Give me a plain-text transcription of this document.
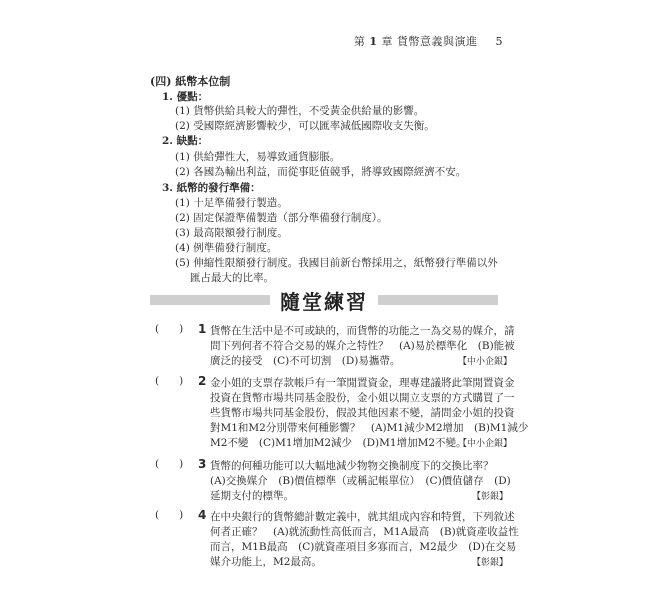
第 1 章 貨幣意義與演進 5
(四) 紙幣本位制
1. 優點：
(1) 貨幣供給具較大的彈性，不受黃金供給量的影響。
(2) 受國際經濟影響較少，可以匯率減低國際收支失衡。
2. 缺點：
(1) 供給彈性大，易導致通貨膨脹。
(2) 各國為輸出利益，而從事貶值競爭，將導致國際經濟不安。
3. 紙幣的發行準備：
(1) 十足準備發行製造。
(2) 固定保證準備製造（部分準備發行制度）。
(3) 最高限額發行制度。
(4) 例準備發行制度。
(5) 伸縮性限額發行制度。我國目前新台幣採用之，紙幣發行準備以外
匯占最大的比率。
隨堂練習
(      ) 1 貨幣在生活中是不可或缺的，而貨幣的功能之一為交易的媒介，請
問下列何者不符合交易的媒介之特性？　(A)易於標準化　(B)能被
廣泛的接受　(C)不可切割　(D)易攜帶。	【中小企銀】
(      ) 2 金小姐的支票存款帳戶有一筆閒置資金，理專建議將此筆閒置資金
投資在貨幣市場共同基金股份，金小姐以開立支票的方式購買了一
些貨幣市場共同基金股份，假設其他因素不變，請問金小姐的投資
對M1和M2分別帶來何種影響？　(A)M1減少M2增加　(B)M1減少
M2不變　(C)M1增加M2減少　(D)M1增加M2不變。
【中小企銀】
(      ) 3 貨幣的何種功能可以大幅地減少物物交換制度下的交換比率？
(A)交換媒介　(B)價值標準（或稱記帳單位）　(C)價值儲存　(D)
延期支付的標準。	【彰銀】
(      ) 4 在中央銀行的貨幣總計數定義中，就其組成內容和特質，下列敘述
何者正確？　(A)就流動性高低而言，M1A最高　(B)就資產收益性
而言，M1B最高　(C)就資產項目多寡而言，M2最少　(D)在交易
媒介功能上，M2最高。	【彰銀】
